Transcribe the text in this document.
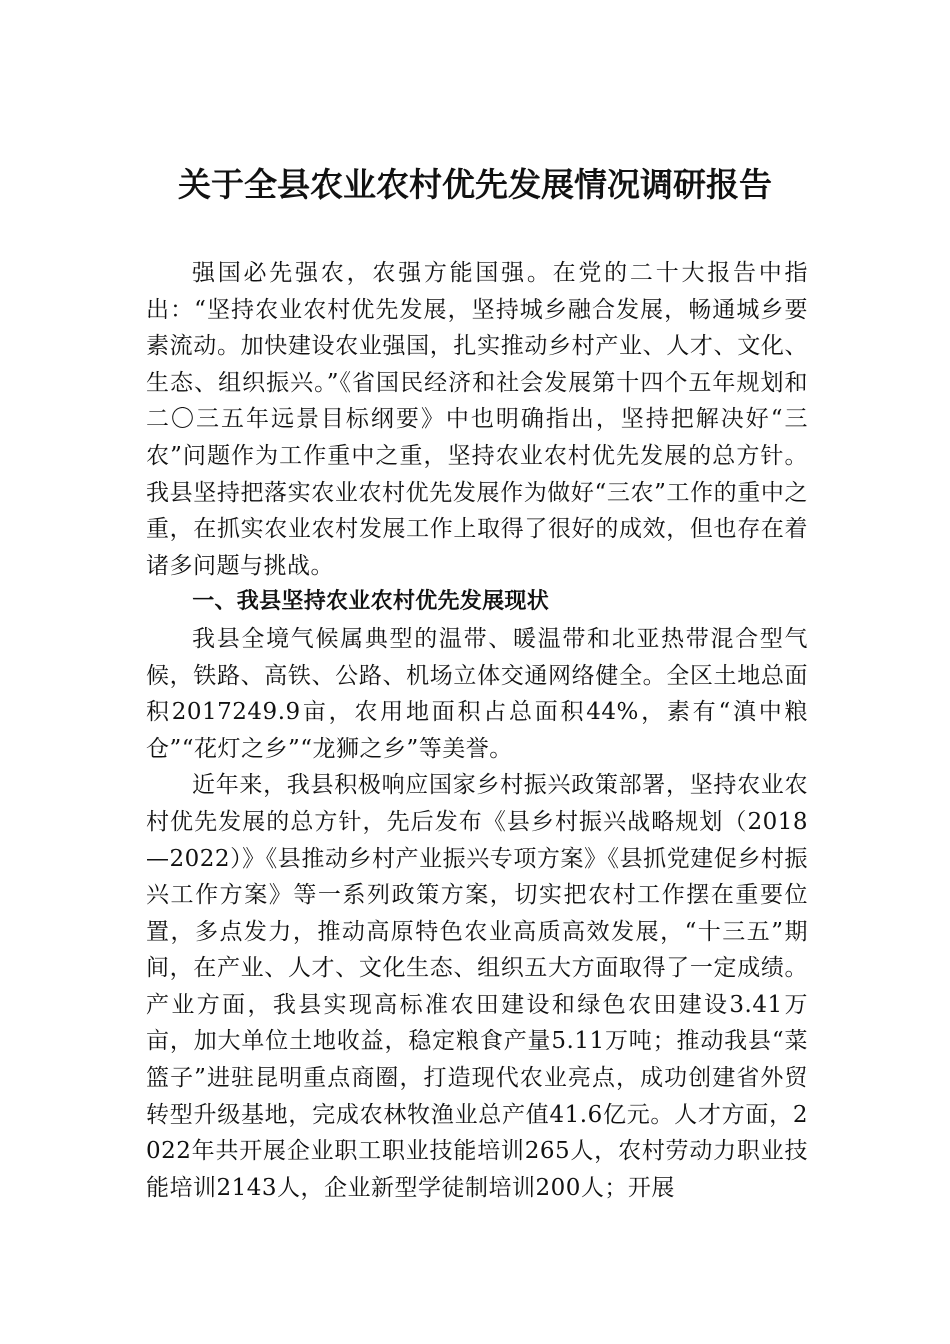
关于全县农业农村优先发展情况调研报告

强国必先强农，农强方能国强。在党的二十大报告中指出：“坚持农业农村优先发展，坚持城乡融合发展，畅通城乡要素流动。加快建设农业强国，扎实推动乡村产业、人才、文化、生态、组织振兴。”《省国民经济和社会发展第十四个五年规划和二〇三五年远景目标纲要》中也明确指出，坚持把解决好“三农”问题作为工作重中之重，坚持农业农村优先发展的总方针。我县坚持把落实农业农村优先发展作为做好“三农”工作的重中之重，在抓实农业农村发展工作上取得了很好的成效，但也存在着诸多问题与挑战。

一、我县坚持农业农村优先发展现状

我县全境气候属典型的温带、暖温带和北亚热带混合型气候，铁路、高铁、公路、机场立体交通网络健全。全区土地总面积2017249.9亩，农用地面积占总面积44%，素有“滇中粮仓”“花灯之乡”“龙狮之乡”等美誉。

近年来，我县积极响应国家乡村振兴政策部署，坚持农业农村优先发展的总方针，先后发布《县乡村振兴战略规划（2018—2022）》《县推动乡村产业振兴专项方案》《县抓党建促乡村振兴工作方案》等一系列政策方案，切实把农村工作摆在重要位置，多点发力，推动高原特色农业高质高效发展，“十三五”期间，在产业、人才、文化生态、组织五大方面取得了一定成绩。产业方面，我县实现高标准农田建设和绿色农田建设3.41万亩，加大单位土地收益，稳定粮食产量5.11万吨；推动我县“菜篮子”进驻昆明重点商圈，打造现代农业亮点，成功创建省外贸转型升级基地，完成农林牧渔业总产值41.6亿元。人才方面，2022年共开展企业职工职业技能培训265人，农村劳动力职业技能培训2143人，企业新型学徒制培训200人；开展
